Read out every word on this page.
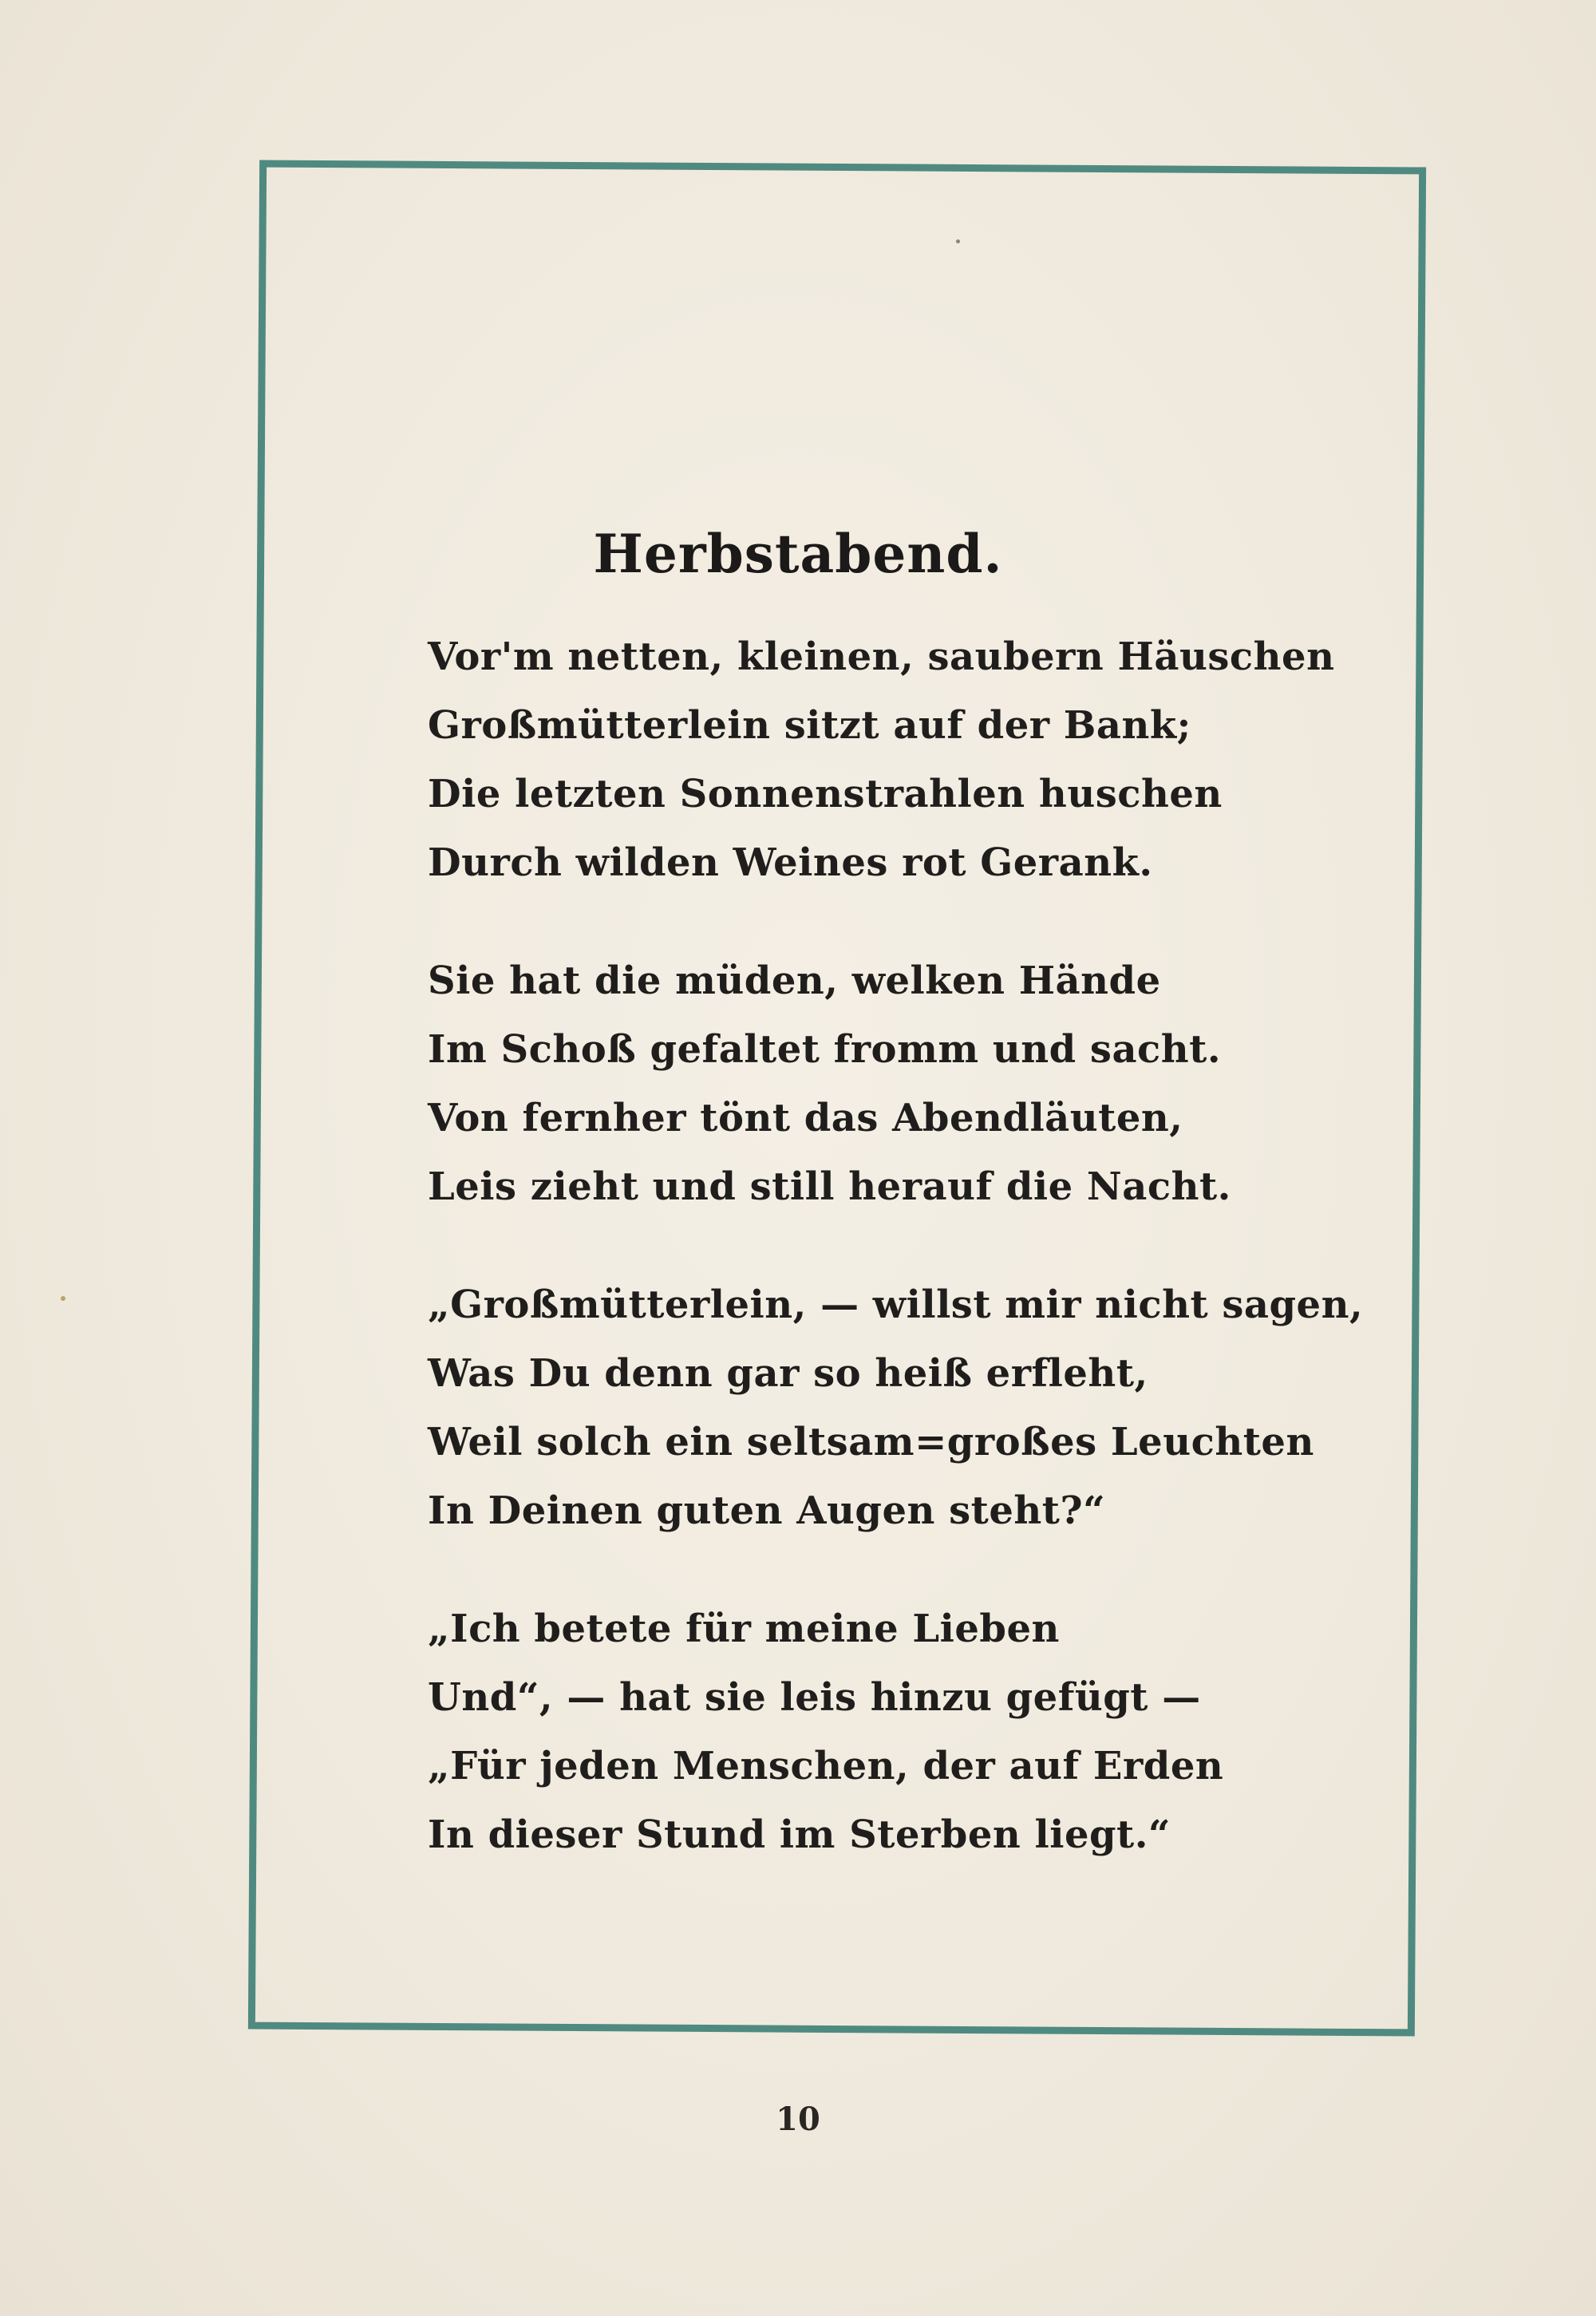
Herbstabend.
Vor'm netten, kleinen, saubern Häuschen
Großmütterlein sitzt auf der Bank;
Die letzten Sonnenstrahlen huschen
Durch wilden Weines rot Gerank.
Sie hat die müden, welken Hände
Im Schoß gefaltet fromm und sacht.
Von fernher tönt das Abendläuten,
Leis zieht und still herauf die Nacht.
„Großmütterlein, — willst mir nicht sagen,
Was Du denn gar so heiß erfleht,
Weil solch ein seltsam=großes Leuchten
In Deinen guten Augen steht?“
„Ich betete für meine Lieben
Und“, — hat sie leis hinzu gefügt —
„Für jeden Menschen, der auf Erden
In dieser Stund im Sterben liegt.“
10
